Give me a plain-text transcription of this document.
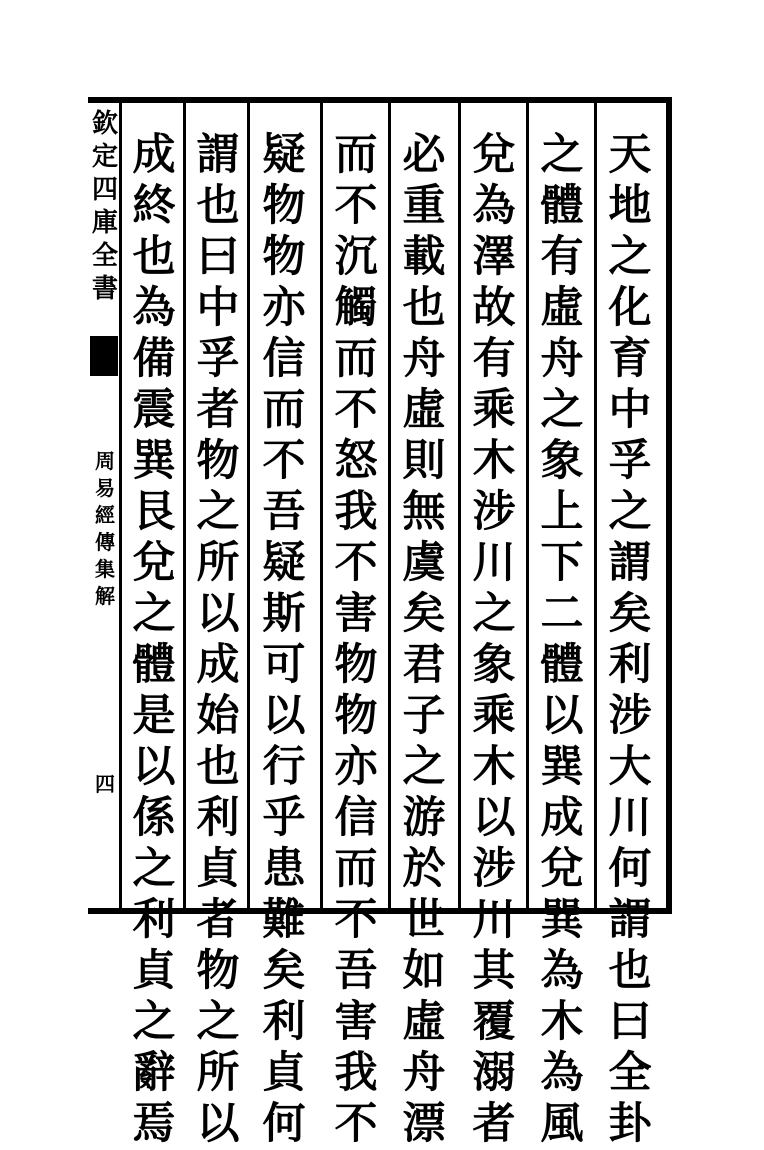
欽
定
四
庫
全
書
周
易
經
傳
集
解
四
天
地
之
化
育
中
孚
之
謂
矣
利
涉
大
川
何
謂
也
曰
全
卦
之
體
有
虛
舟
之
象
上
下
二
體
以
巽
成
兌
巽
為
木
為
風
兌
為
澤
故
有
乘
木
涉
川
之
象
乘
木
以
涉
川
其
覆
溺
者
必
重
載
也
舟
虛
則
無
虞
矣
君
子
之
游
於
世
如
虛
舟
漂
而
不
沉
觸
而
不
怒
我
不
害
物
物
亦
信
而
不
吾
害
我
不
疑
物
物
亦
信
而
不
吾
疑
斯
可
以
行
乎
患
難
矣
利
貞
何
謂
也
曰
中
孚
者
物
之
所
以
成
始
也
利
貞
者
物
之
所
以
成
終
也
為
備
震
巽
艮
兌
之
體
是
以
係
之
利
貞
之
辭
焉
